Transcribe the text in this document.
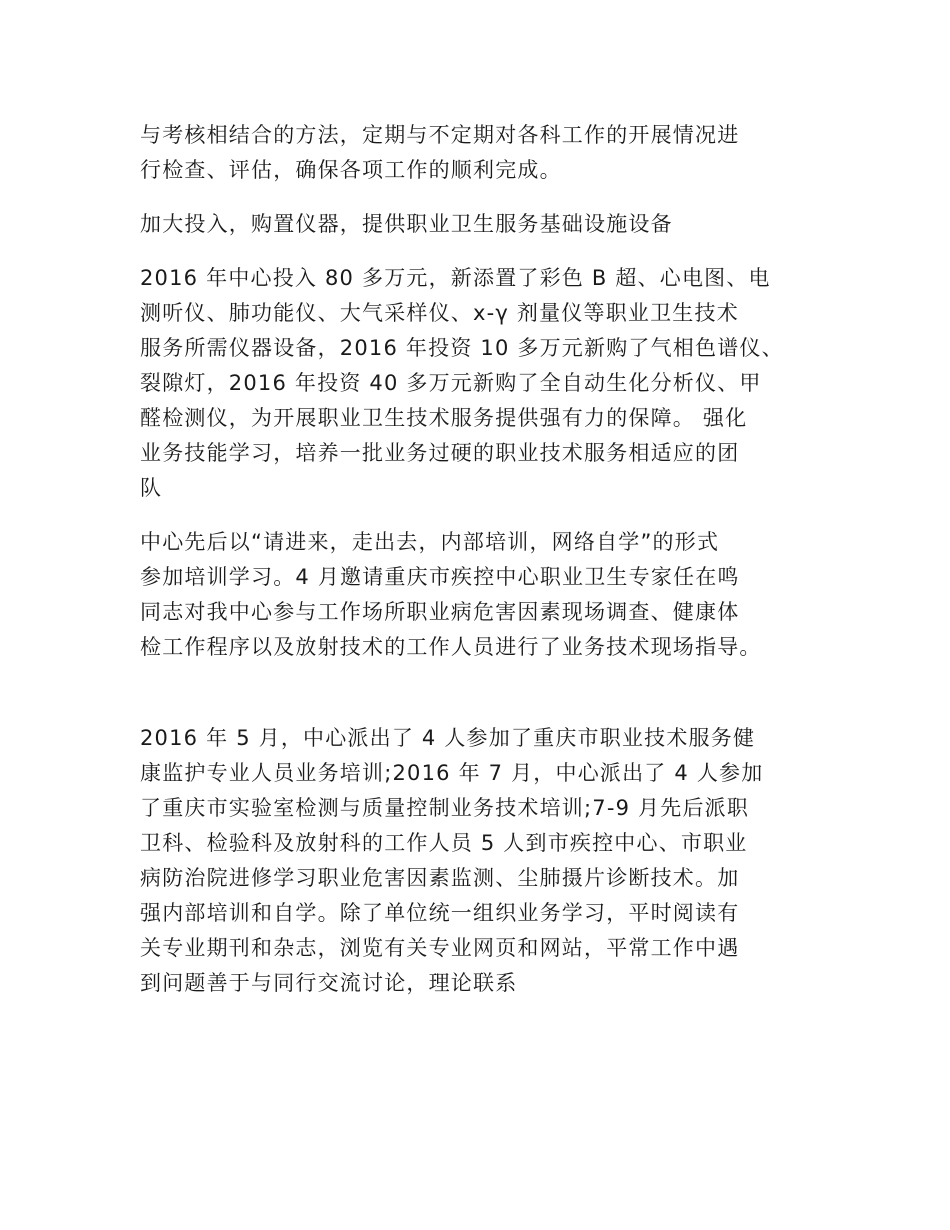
与考核相结合的方法，定期与不定期对各科工作的开展情况进
行检查、评估，确保各项工作的顺利完成。
加大投入，购置仪器，提供职业卫生服务基础设施设备
2016 年中心投入 80 多万元，新添置了彩色 B 超、心电图、电
测听仪、肺功能仪、大气采样仪、x-γ 剂量仪等职业卫生技术
服务所需仪器设备，2016 年投资 10 多万元新购了气相色谱仪、
裂隙灯，2016 年投资 40 多万元新购了全自动生化分析仪、甲
醛检测仪，为开展职业卫生技术服务提供强有力的保障。 强化
业务技能学习，培养一批业务过硬的职业技术服务相适应的团
队
中心先后以“请进来，走出去，内部培训，网络自学”的形式
参加培训学习。4 月邀请重庆市疾控中心职业卫生专家任在鸣
同志对我中心参与工作场所职业病危害因素现场调查、健康体
检工作程序以及放射技术的工作人员进行了业务技术现场指导。
2016 年 5 月，中心派出了 4 人参加了重庆市职业技术服务健
康监护专业人员业务培训;2016 年 7 月，中心派出了 4 人参加
了重庆市实验室检测与质量控制业务技术培训;7-9 月先后派职
卫科、检验科及放射科的工作人员 5 人到市疾控中心、市职业
病防治院进修学习职业危害因素监测、尘肺摄片诊断技术。加
强内部培训和自学。除了单位统一组织业务学习，平时阅读有
关专业期刊和杂志，浏览有关专业网页和网站，平常工作中遇
到问题善于与同行交流讨论，理论联系
